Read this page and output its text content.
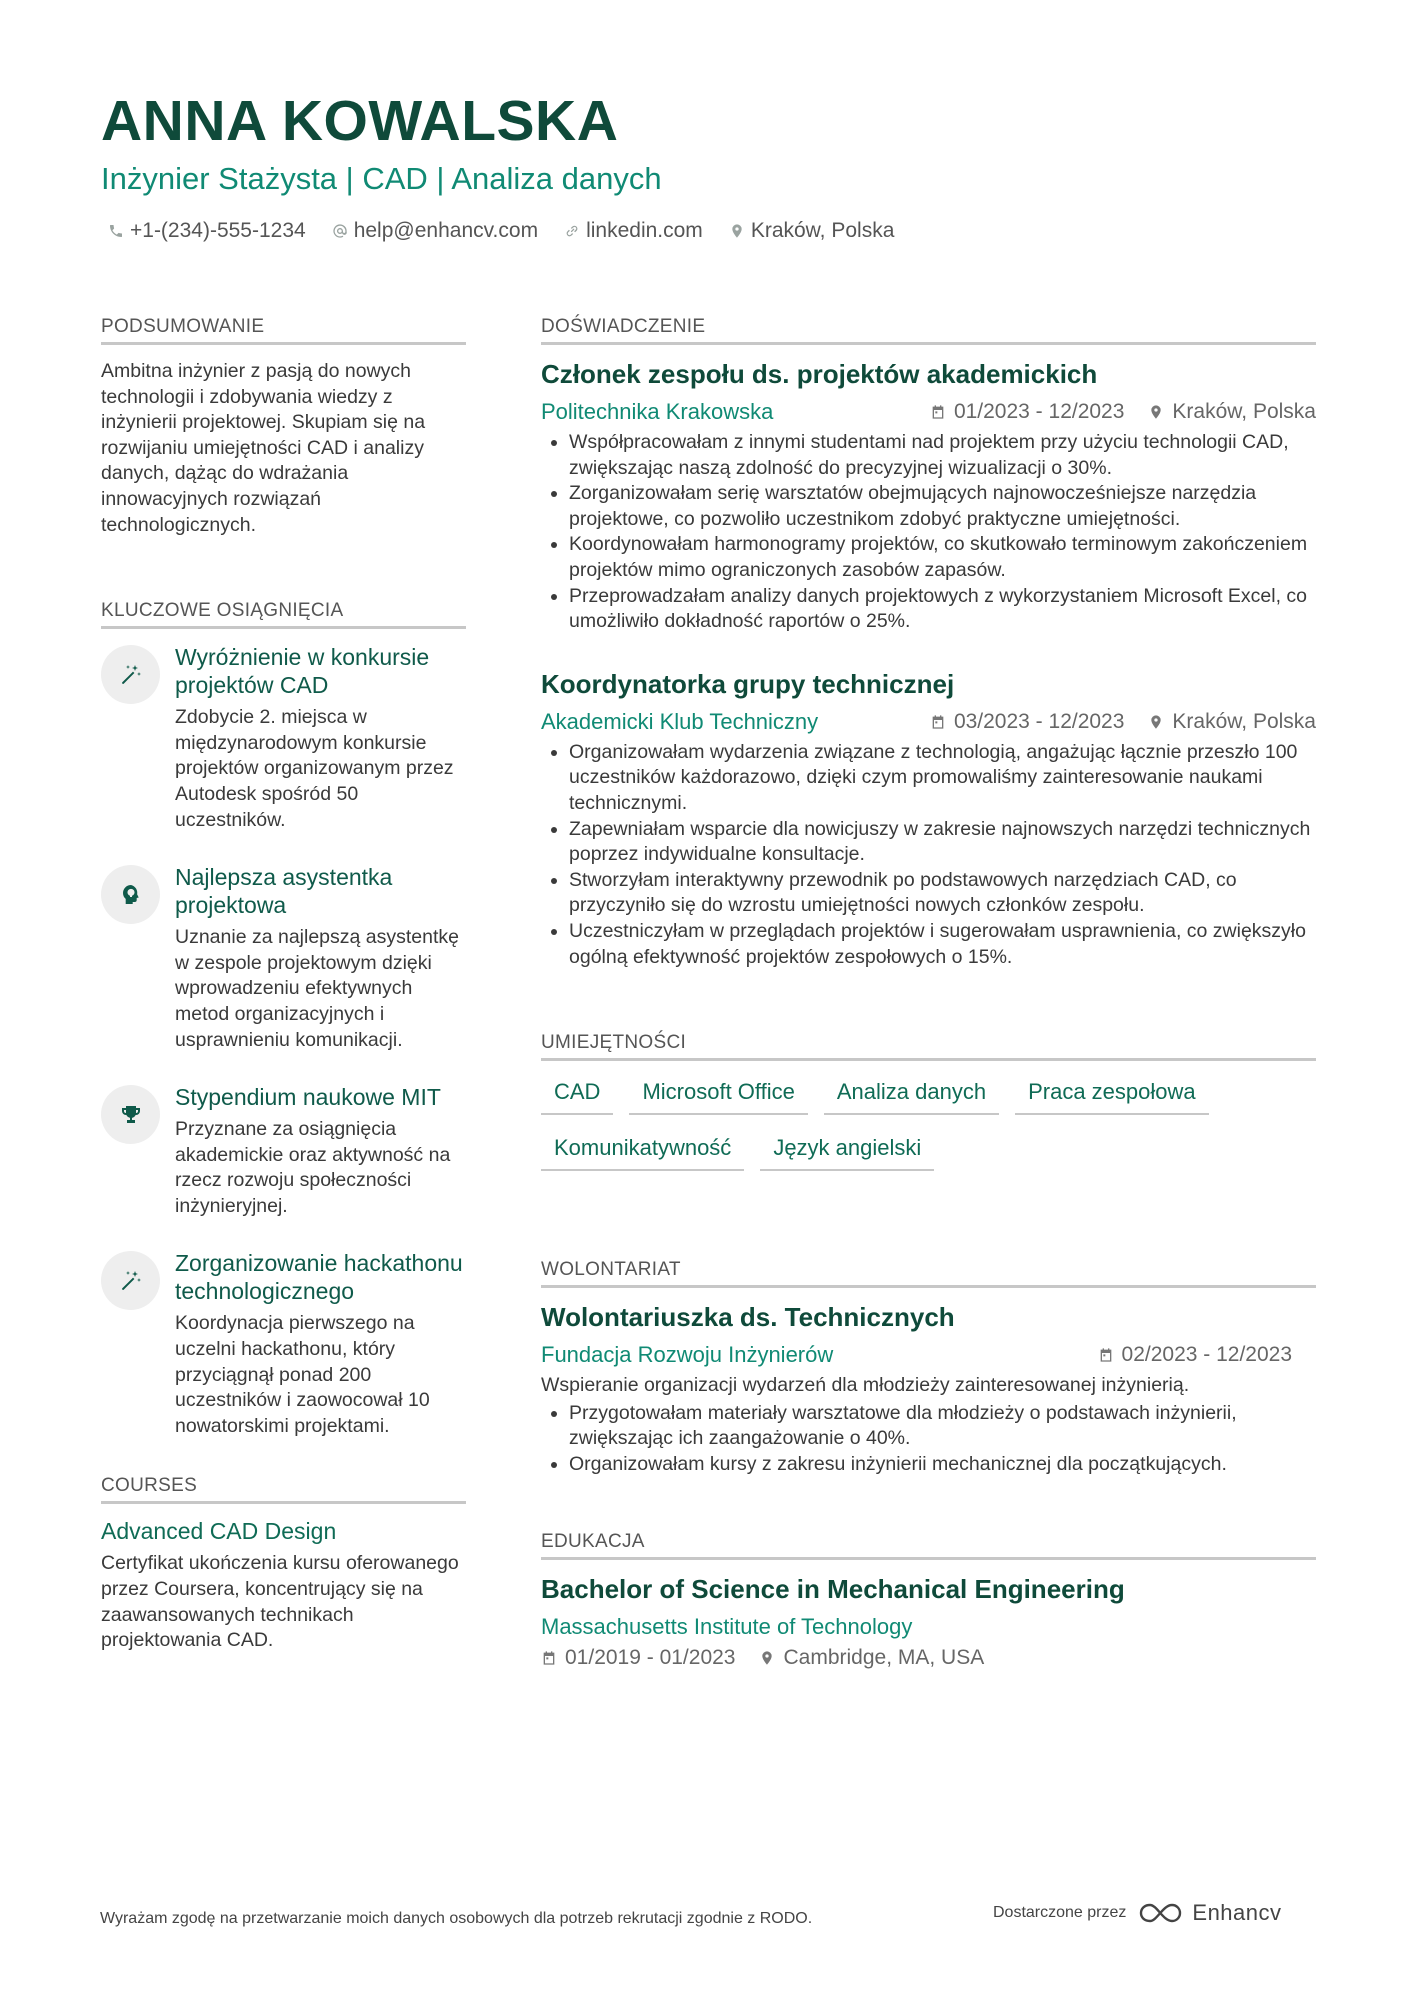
ANNA KOWALSKA
Inżynier Stażysta | CAD | Analiza danych
+1-(234)-555-1234 help@enhancv.com linkedin.com Kraków, Polska
PODSUMOWANIE
Ambitna inżynier z pasją do nowych technologii i zdobywania wiedzy z inżynierii projektowej. Skupiam się na rozwijaniu umiejętności CAD i analizy danych, dążąc do wdrażania innowacyjnych rozwiązań technologicznych.
KLUCZOWE OSIĄGNIĘCIA
Wyróżnienie w konkursie projektów CAD
Zdobycie 2. miejsca w międzynarodowym konkursie projektów organizowanym przez Autodesk spośród 50 uczestników.
Najlepsza asystentka projektowa
Uznanie za najlepszą asystentkę w zespole projektowym dzięki wprowadzeniu efektywnych metod organizacyjnych i usprawnieniu komunikacji.
Stypendium naukowe MIT
Przyznane za osiągnięcia akademickie oraz aktywność na rzecz rozwoju społeczności inżynieryjnej.
Zorganizowanie hackathonu technologicznego
Koordynacja pierwszego na uczelni hackathonu, który przyciągnął ponad 200 uczestników i zaowocował 10 nowatorskimi projektami.
COURSES
Advanced CAD Design
Certyfikat ukończenia kursu oferowanego przez Coursera, koncentrujący się na zaawansowanych technikach projektowania CAD.
DOŚWIADCZENIE
Członek zespołu ds. projektów akademickich
Politechnika Krakowska	01/2023 - 12/2023 Kraków, Polska
• Współpracowałam z innymi studentami nad projektem przy użyciu technologii CAD, zwiększając naszą zdolność do precyzyjnej wizualizacji o 30%.
• Zorganizowałam serię warsztatów obejmujących najnowocześniejsze narzędzia projektowe, co pozwoliło uczestnikom zdobyć praktyczne umiejętności.
• Koordynowałam harmonogramy projektów, co skutkowało terminowym zakończeniem projektów mimo ograniczonych zasobów zapasów.
• Przeprowadzałam analizy danych projektowych z wykorzystaniem Microsoft Excel, co umożliwiło dokładność raportów o 25%.
Koordynatorka grupy technicznej
Akademicki Klub Techniczny	03/2023 - 12/2023 Kraków, Polska
• Organizowałam wydarzenia związane z technologią, angażując łącznie przeszło 100 uczestników każdorazowo, dzięki czym promowaliśmy zainteresowanie naukami technicznymi.
• Zapewniałam wsparcie dla nowicjuszy w zakresie najnowszych narzędzi technicznych poprzez indywidualne konsultacje.
• Stworzyłam interaktywny przewodnik po podstawowych narzędziach CAD, co przyczyniło się do wzrostu umiejętności nowych członków zespołu.
• Uczestniczyłam w przeglądach projektów i sugerowałam usprawnienia, co zwiększyło ogólną efektywność projektów zespołowych o 15%.
UMIEJĘTNOŚCI
CAD	Microsoft Office	Analiza danych	Praca zespołowa
Komunikatywność	Język angielski
WOLONTARIAT
Wolontariuszka ds. Technicznych
Fundacja Rozwoju Inżynierów	02/2023 - 12/2023
Wspieranie organizacji wydarzeń dla młodzieży zainteresowanej inżynierią.
• Przygotowałam materiały warsztatowe dla młodzieży o podstawach inżynierii, zwiększając ich zaangażowanie o 40%.
• Organizowałam kursy z zakresu inżynierii mechanicznej dla początkujących.
EDUKACJA
Bachelor of Science in Mechanical Engineering
Massachusetts Institute of Technology
01/2019 - 01/2023 Cambridge, MA, USA
Wyrażam zgodę na przetwarzanie moich danych osobowych dla potrzeb rekrutacji zgodnie z RODO.	Dostarczone przez	Enhancv
